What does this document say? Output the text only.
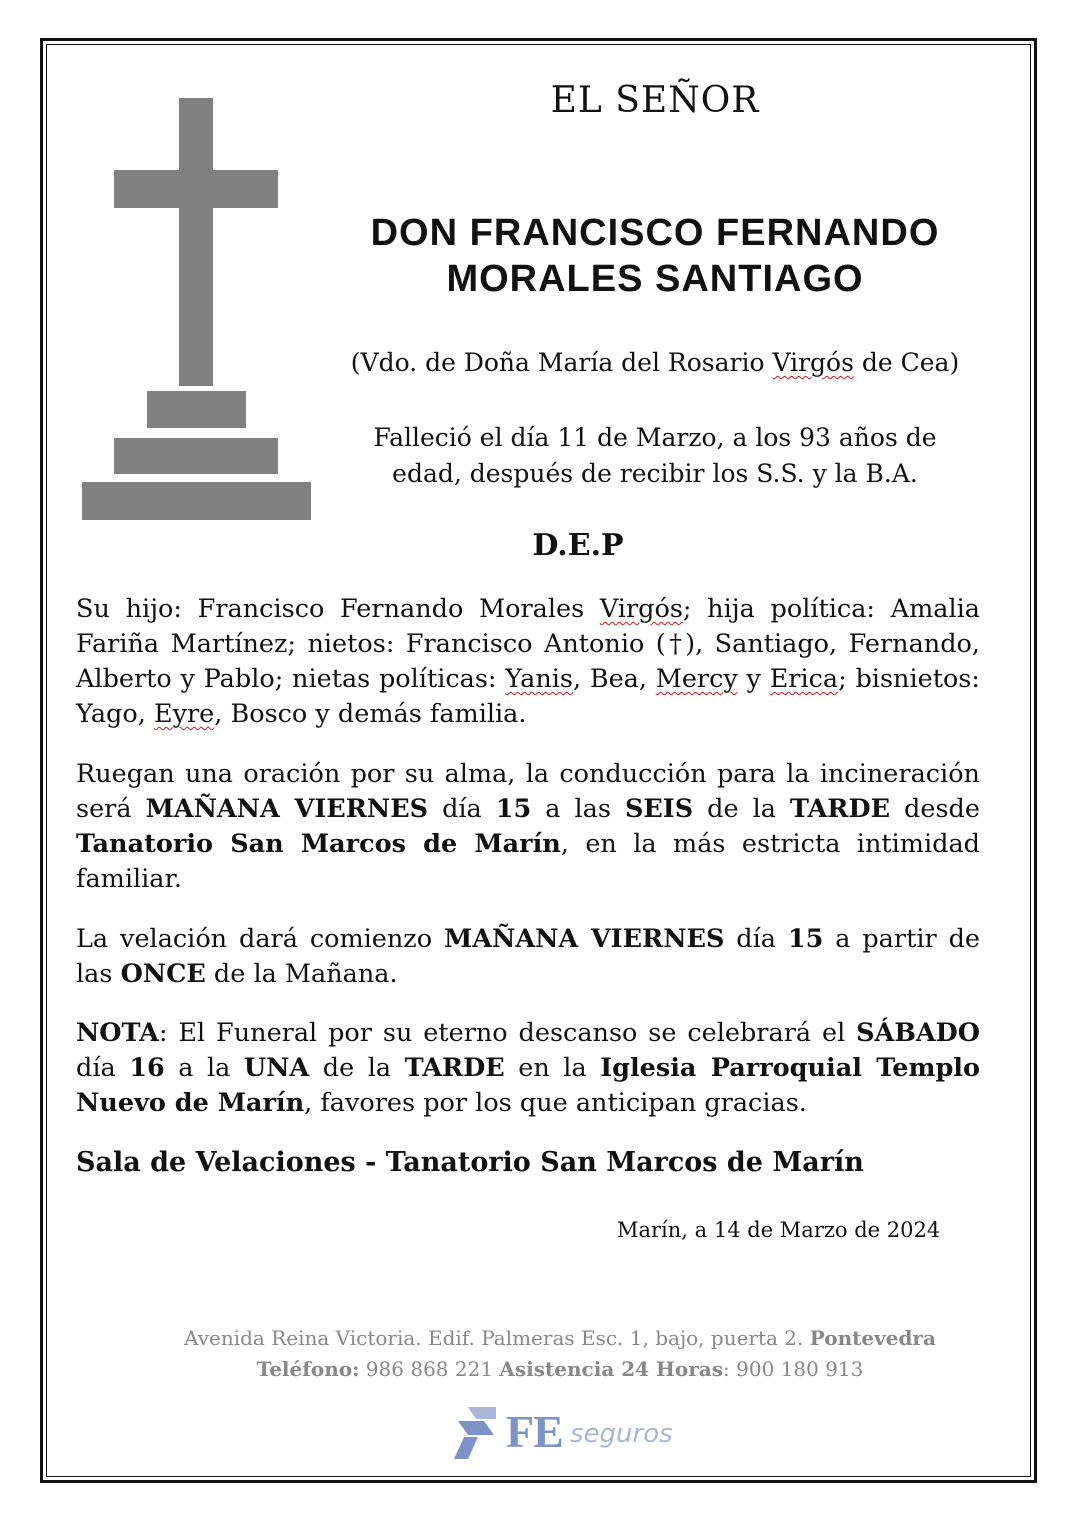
EL SEÑOR
DON FRANCISCO FERNANDO
MORALES SANTIAGO
(Vdo. de Doña María del Rosario Virgós de Cea)
Falleció el día 11 de Marzo, a los 93 años de
edad, después de recibir los S.S. y la B.A.
D.E.P
Su hijo: Francisco Fernando Morales Virgós; hija política: Amalia Fariña Martínez; nietos: Francisco Antonio (†), Santiago, Fernando, Alberto y Pablo; nietas políticas: Yanis, Bea, Mercy y Erica; bisnietos: Yago, Eyre, Bosco y demás familia.
Ruegan una oración por su alma, la conducción para la incineración será MAÑANA VIERNES día 15 a las SEIS de la TARDE desde Tanatorio San Marcos de Marín, en la más estricta intimidad familiar.
La velación dará comienzo MAÑANA VIERNES día 15 a partir de las ONCE de la Mañana.
NOTA: El Funeral por su eterno descanso se celebrará el SÁBADO día 16 a la UNA de la TARDE en la Iglesia Parroquial Templo Nuevo de Marín, favores por los que anticipan gracias.
Sala de Velaciones - Tanatorio San Marcos de Marín
Marín, a 14 de Marzo de 2024
Avenida Reina Victoria. Edif. Palmeras Esc. 1, bajo, puerta 2. Pontevedra
Teléfono: 986 868 221 Asistencia 24 Horas: 900 180 913
FE seguros
